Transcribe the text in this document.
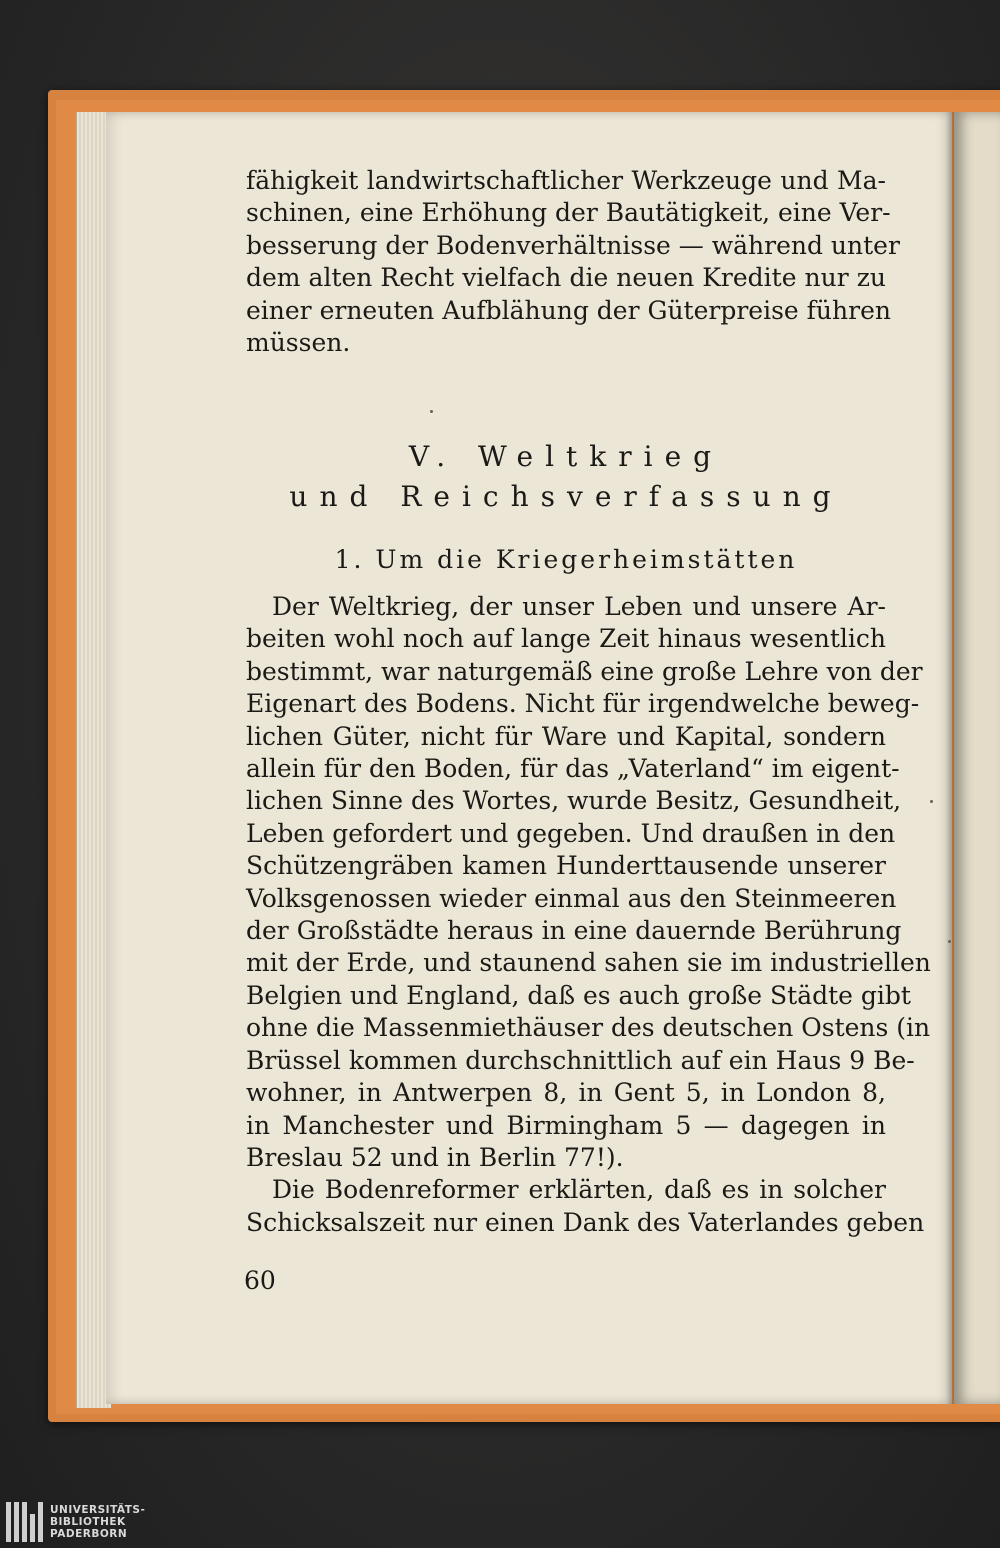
fähigkeit landwirtschaftlicher Werkzeuge und Ma-
schinen, eine Erhöhung der Bautätigkeit, eine Ver-
besserung der Bodenverhältnisse — während unter
dem alten Recht vielfach die neuen Kredite nur zu
einer erneuten Aufblähung der Güterpreise führen
müssen.
V. Weltkrieg
und Reichsverfassung
1. Um die Kriegerheimstätten
Der Weltkrieg, der unser Leben und unsere Ar-
beiten wohl noch auf lange Zeit hinaus wesentlich
bestimmt, war naturgemäß eine große Lehre von der
Eigenart des Bodens. Nicht für irgendwelche beweg-
lichen Güter, nicht für Ware und Kapital, sondern
allein für den Boden, für das „Vaterland“ im eigent-
lichen Sinne des Wortes, wurde Besitz, Gesundheit,
Leben gefordert und gegeben. Und draußen in den
Schützengräben kamen Hunderttausende unserer
Volksgenossen wieder einmal aus den Steinmeeren
der Großstädte heraus in eine dauernde Berührung
mit der Erde, und staunend sahen sie im industriellen
Belgien und England, daß es auch große Städte gibt
ohne die Massenmiethäuser des deutschen Ostens (in
Brüssel kommen durchschnittlich auf ein Haus 9 Be-
wohner, in Antwerpen 8, in Gent 5, in London 8,
in Manchester und Birmingham 5 — dagegen in
Breslau 52 und in Berlin 77!).
Die Bodenreformer erklärten, daß es in solcher
Schicksalszeit nur einen Dank des Vaterlandes geben
60
UNIVERSITÄTS-
BIBLIOTHEK
PADERBORN
